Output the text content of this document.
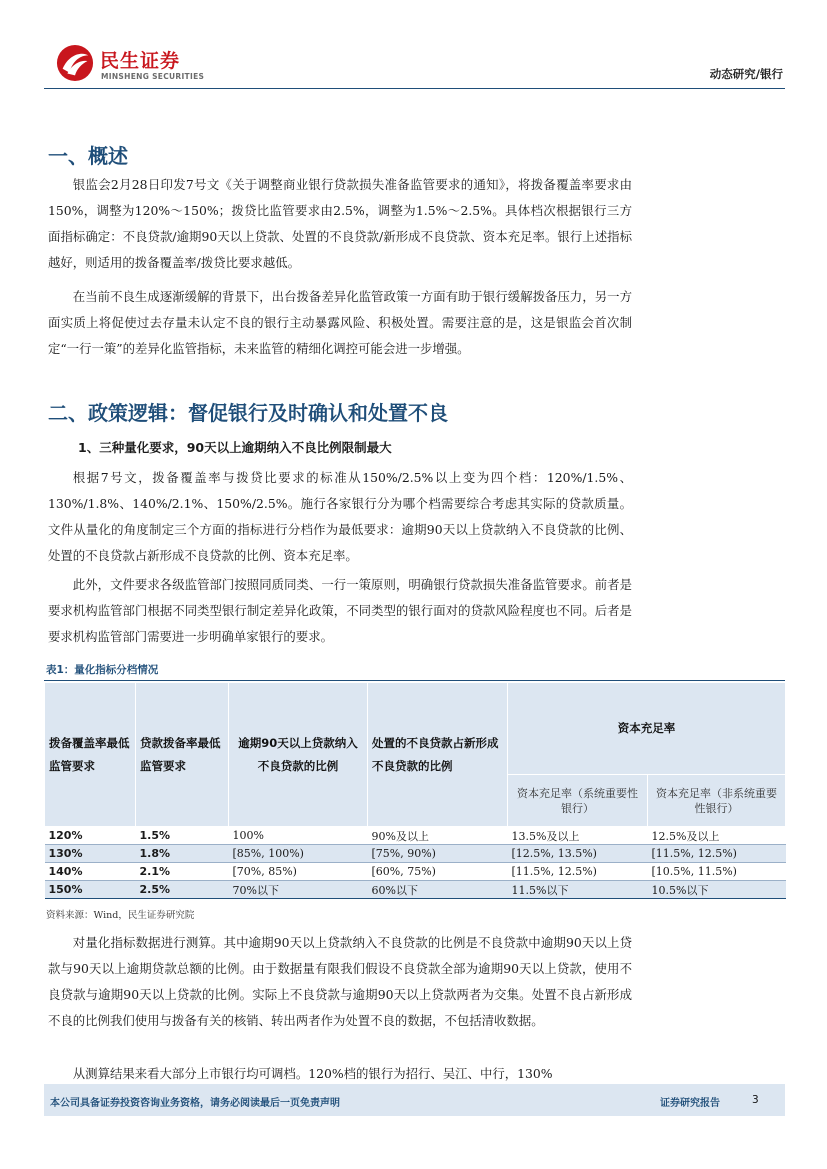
民生证券
MINSHENG SECURITIES	动态研究/银行
一、概述

银监会2月28日印发7号文《关于调整商业银行贷款损失准备监管要求的通知》，将拨备覆盖率要求由150%，调整为120%～150%；拨贷比监管要求由2.5%，调整为1.5%～2.5%。具体档次根据银行三方面指标确定：不良贷款/逾期90天以上贷款、处置的不良贷款/新形成不良贷款、资本充足率。银行上述指标越好，则适用的拨备覆盖率/拨贷比要求越低。

在当前不良生成逐渐缓解的背景下，出台拨备差异化监管政策一方面有助于银行缓解拨备压力，另一方面实质上将促使过去存量未认定不良的银行主动暴露风险、积极处置。需要注意的是，这是银监会首次制定“一行一策”的差异化监管指标，未来监管的精细化调控可能会进一步增强。

二、政策逻辑：督促银行及时确认和处置不良
1、三种量化要求，90天以上逾期纳入不良比例限制最大

根据7号文，拨备覆盖率与拨贷比要求的标准从150%/2.5%以上变为四个档：120%/1.5%、130%/1.8%、140%/2.1%、150%/2.5%。施行各家银行分为哪个档需要综合考虑其实际的贷款质量。文件从量化的角度制定三个方面的指标进行分档作为最低要求：逾期90天以上贷款纳入不良贷款的比例、处置的不良贷款占新形成不良贷款的比例、资本充足率。

此外，文件要求各级监管部门按照同质同类、一行一策原则，明确银行贷款损失准备监管要求。前者是要求机构监管部门根据不同类型银行制定差异化政策，不同类型的银行面对的贷款风险程度也不同。后者是要求机构监管部门需要进一步明确单家银行的要求。

表1：量化指标分档情况
拨备覆盖率最低监管要求	贷款拨备率最低监管要求	逾期90天以上贷款纳入不良贷款的比例	处置的不良贷款占新形成不良贷款的比例	资本充足率	
				资本充足率（系统重要性银行）	资本充足率（非系统重要性银行）
120%	1.5%	100%	90%及以上	13.5%及以上	12.5%及以上
130%	1.8%	[85%, 100%)	[75%, 90%)	[12.5%, 13.5%)	[11.5%, 12.5%)
140%	2.1%	[70%, 85%)	[60%, 75%)	[11.5%, 12.5%)	[10.5%, 11.5%)
150%	2.5%	70%以下	60%以下	11.5%以下	10.5%以下
资料来源：Wind，民生证券研究院

对量化指标数据进行测算。其中逾期90天以上贷款纳入不良贷款的比例是不良贷款中逾期90天以上贷款与90天以上逾期贷款总额的比例。由于数据量有限我们假设不良贷款全部为逾期90天以上贷款，使用不良贷款与逾期90天以上贷款的比例。实际上不良贷款与逾期90天以上贷款两者为交集。处置不良占新形成不良的比例我们使用与拨备有关的核销、转出两者作为处置不良的数据，不包括清收数据。

从测算结果来看大部分上市银行均可调档。120%档的银行为招行、吴江、中行，130%

本公司具备证券投资咨询业务资格，请务必阅读最后一页免责声明	证券研究报告	3
